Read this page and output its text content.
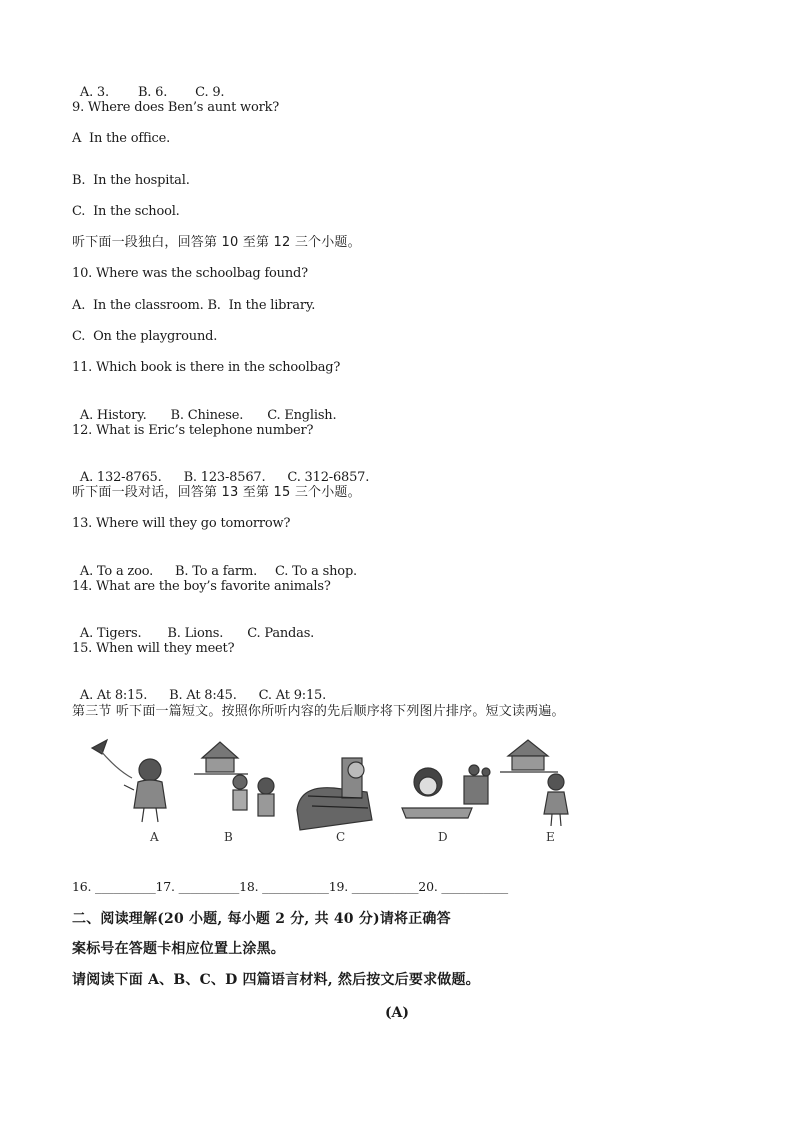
A. 3. B. 6. C. 9.

9. Where does Ben’s aunt work?
A  In the office.
B.  In the hospital.
C.  In the school.
听下面一段独白，回答第 10 至第 12 三个小题。
10. Where was the schoolbag found?
A.  In the classroom. B.  In the library.
C.  On the playground.
11. Which book is there in the schoolbag?

A. History. B. Chinese. C. English.

12. What is Eric’s telephone number?

A. 132-8765. B. 123-8567. C. 312-6857.

听下面一段对话，回答第 13 至第 15 三个小题。
13. Where will they go tomorrow?

A. To a zoo. B. To a farm. C. To a shop.

14. What are the boy’s favorite animals?

A. Tigers. B. Lions. C. Pandas.

15. When will they meet?

A. At 8:15. B. At 8:45. C. At 9:15.

第三节 听下面一篇短文。按照你所听内容的先后顺序将下列图片排序。短文读两遍。
A	B	C	D	E
16. __________17. __________18. ___________19. ___________20. ___________
二、阅读理解(20 小题, 每小题 2 分, 共 40 分)请将正确答
案标号在答题卡相应位置上涂黑。
请阅读下面 A、B、C、D 四篇语言材料, 然后按文后要求做题。
(A)
